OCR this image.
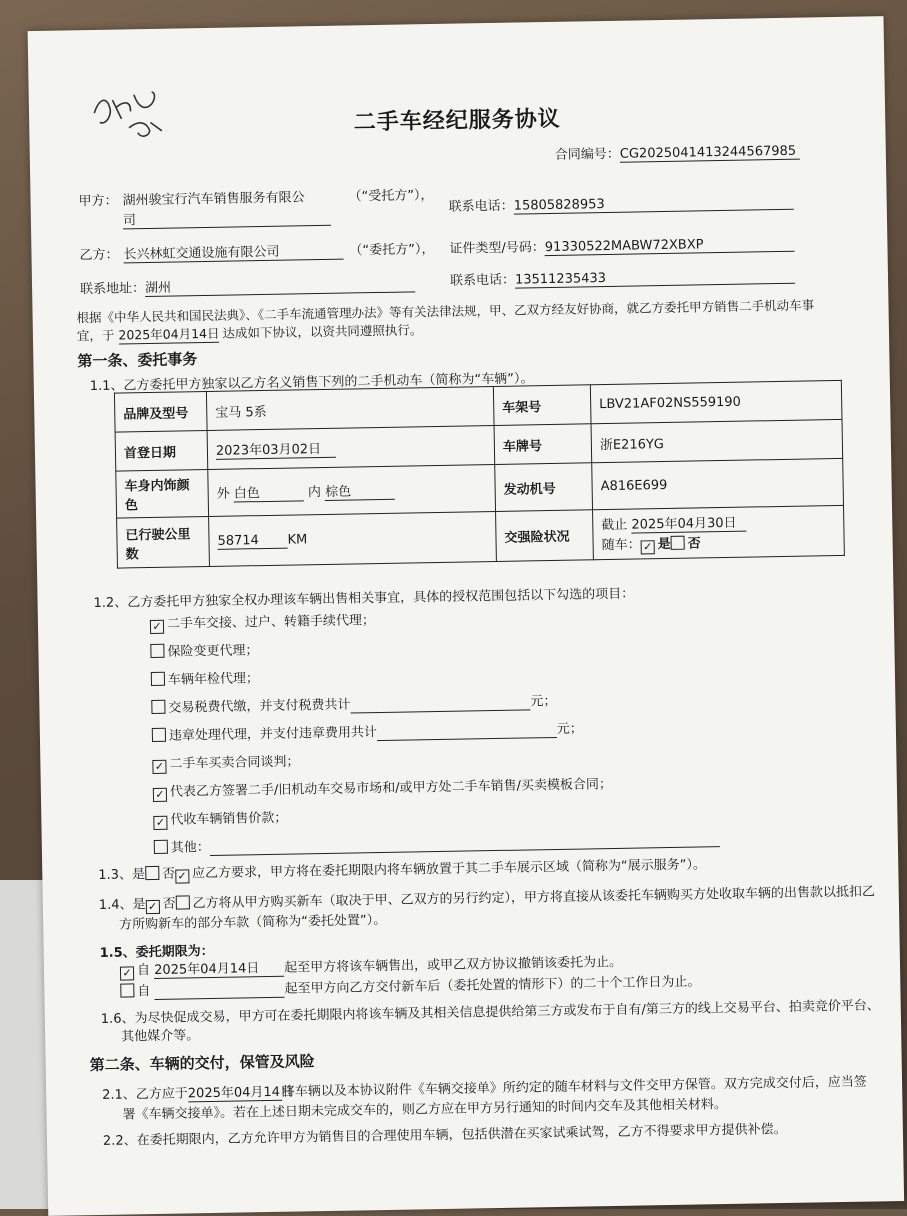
二手车经纪服务协议
合同编号：CG2025041413244567985
甲方： 湖州骏宝行汽车销售服务有限公
司
（“受托方”），
联系电话：15805828953
乙方： 长兴林虹交通设施有限公司	（“委托方”）， 证件类型/号码：91330522MABW72XBXP
联系地址：湖州	联系电话：13511235433
根据《中华人民共和国民法典》、《二手车流通管理办法》等有关法律法规，甲、乙双方经友好协商，就乙方委托甲方销售二手机动车事
宜，于 2025年04月14日 达成如下协议，以资共同遵照执行。
第一条、委托事务
1.1、乙方委托甲方独家以乙方名义销售下列的二手机动车（简称为“车辆”）。
品牌及型号	宝马 5系	车架号	LBV21AF02NS559190
首登日期	2023年03月02日	车牌号	浙E216YG
车身内饰颜色	外 白色 内 棕色	发动机号	A816E699
已行驶公里数	58714 KM	交强险状况	截止 2025年04月30日
随车： ✓ 是 否
1.2、乙方委托甲方独家全权办理该车辆出售相关事宜，具体的授权范围包括以下勾选的项目：
✓ 二手车交接、过户、转籍手续代理；
保险变更代理；
车辆年检代理；
交易税费代缴，并支付税费共计	元；
违章处理代理，并支付违章费用共计	元；
✓ 二手车买卖合同谈判；
✓ 代表乙方签署二手/旧机动车交易市场和/或甲方处二手车销售/买卖模板合同；
✓ 代收车辆销售价款；
其他：
1.3、是 否 ✓ 应乙方要求，甲方将在委托期限内将车辆放置于其二手车展示区域（简称为“展示服务”）。
1.4、是 ✓ 否 乙方将从甲方购买新车（取决于甲、乙双方的另行约定），甲方将直接从该委托车辆购买方处收取车辆的出售款以抵扣乙
方所购新车的部分车款（简称为“委托处置”）。
1.5、委托期限为：
✓ 自 2025年04月14日 起至甲方将该车辆售出，或甲乙双方协议撤销该委托为止。
自	起至甲方向乙方交付新车后（委托处置的情形下）的二十个工作日为止。
1.6、为尽快促成交易，甲方可在委托期限内将该车辆及其相关信息提供给第三方或发布于自有/第三方的线上交易平台、拍卖竞价平台、
其他媒介等。
第二条、车辆的交付，保管及风险
2.1、乙方应于2025年04月14日将车辆以及本协议附件《车辆交接单》所约定的随车材料与文件交甲方保管。双方完成交付后，应当签
署《车辆交接单》。若在上述日期未完成交车的，则乙方应在甲方另行通知的时间内交车及其他相关材料。
2.2、在委托期限内，乙方允许甲方为销售目的合理使用车辆，包括供潜在买家试乘试驾，乙方不得要求甲方提供补偿。
